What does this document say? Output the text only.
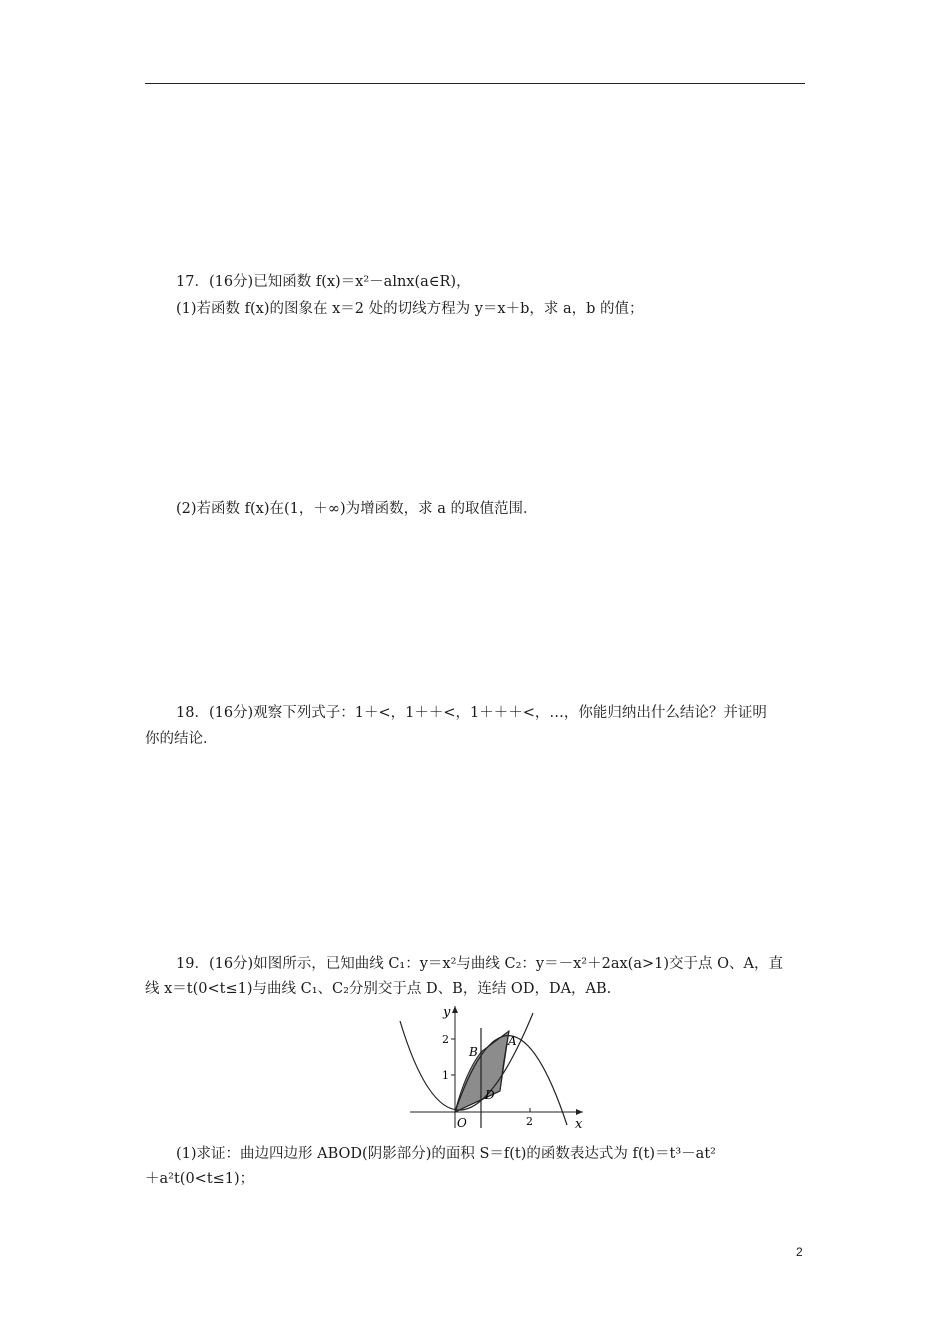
17．(16分)已知函数 f(x)＝x²－alnx(a∈R)，
(1)若函数 f(x)的图象在 x＝2 处的切线方程为 y＝x＋b，求 a，b 的值；
(2)若函数 f(x)在(1，＋∞)为增函数，求 a 的取值范围．
18．(16分)观察下列式子：1＋<，1＋＋<，1＋＋＋<，…，你能归纳出什么结论？并证明
你的结论．
19．(16分)如图所示，已知曲线 C₁：y＝x²与曲线 C₂：y＝－x²＋2ax(a>1)交于点 O、A，直
线 x＝t(0<t≤1)与曲线 C₁、C₂分别交于点 D、B，连结 OD，DA，AB.
y
x
O	2
2
1
A
B
D
(1)求证：曲边四边形 ABOD(阴影部分)的面积 S＝f(t)的函数表达式为 f(t)＝t³－at²
＋a²t(0<t≤1)；
2
